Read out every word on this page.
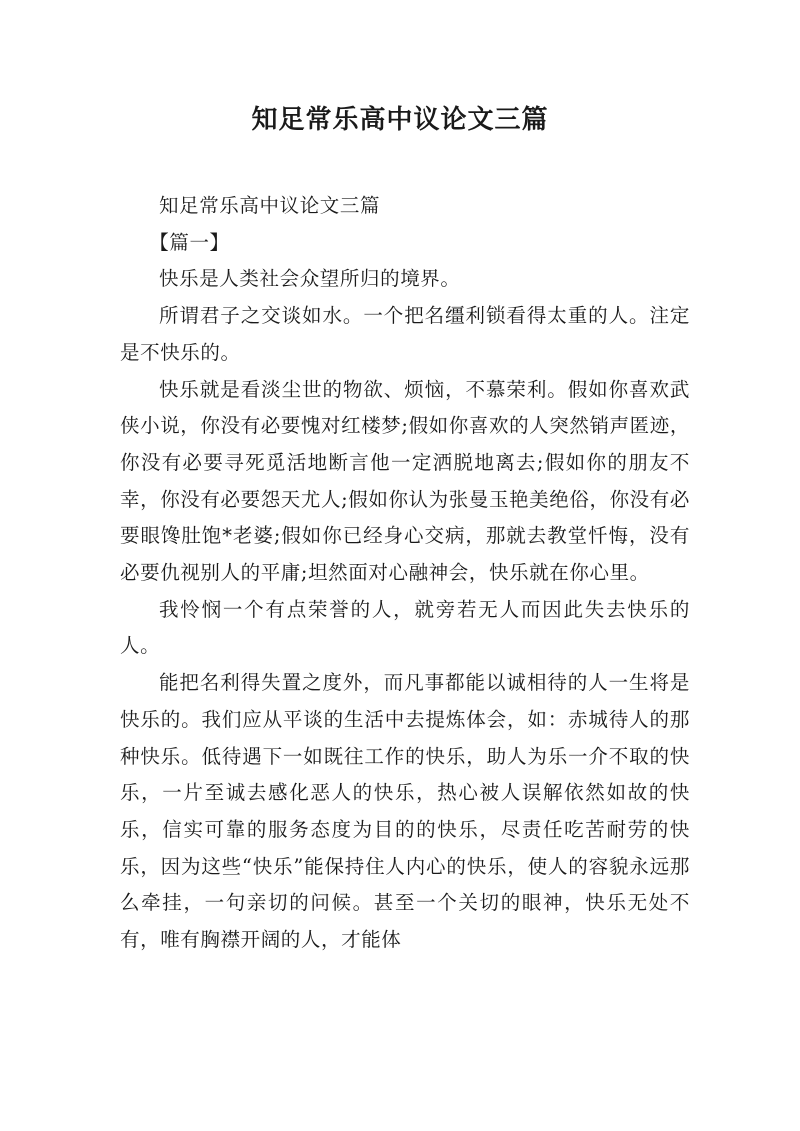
知足常乐高中议论文三篇

知足常乐高中议论文三篇

【篇一】

快乐是人类社会众望所归的境界。

所谓君子之交谈如水。一个把名缰利锁看得太重的人。注定是不快乐的。

快乐就是看淡尘世的物欲、烦恼，不慕荣利。假如你喜欢武侠小说，你没有必要愧对红楼梦;假如你喜欢的人突然销声匿迹，你没有必要寻死觅活地断言他一定洒脱地离去;假如你的朋友不幸，你没有必要怨天尤人;假如你认为张曼玉艳美绝俗，你没有必要眼馋肚饱*老婆;假如你已经身心交病，那就去教堂忏悔，没有必要仇视别人的平庸;坦然面对心融神会，快乐就在你心里。

我怜悯一个有点荣誉的人，就旁若无人而因此失去快乐的人。

能把名利得失置之度外，而凡事都能以诚相待的人一生将是快乐的。我们应从平谈的生活中去提炼体会，如：赤城待人的那种快乐。低待遇下一如既往工作的快乐，助人为乐一介不取的快乐，一片至诚去感化恶人的快乐，热心被人误解依然如故的快乐，信实可靠的服务态度为目的的快乐，尽责任吃苦耐劳的快乐，因为这些“快乐”能保持住人内心的快乐，使人的容貌永远那么牵挂，一句亲切的问候。甚至一个关切的眼神，快乐无处不有，唯有胸襟开阔的人，才能体
